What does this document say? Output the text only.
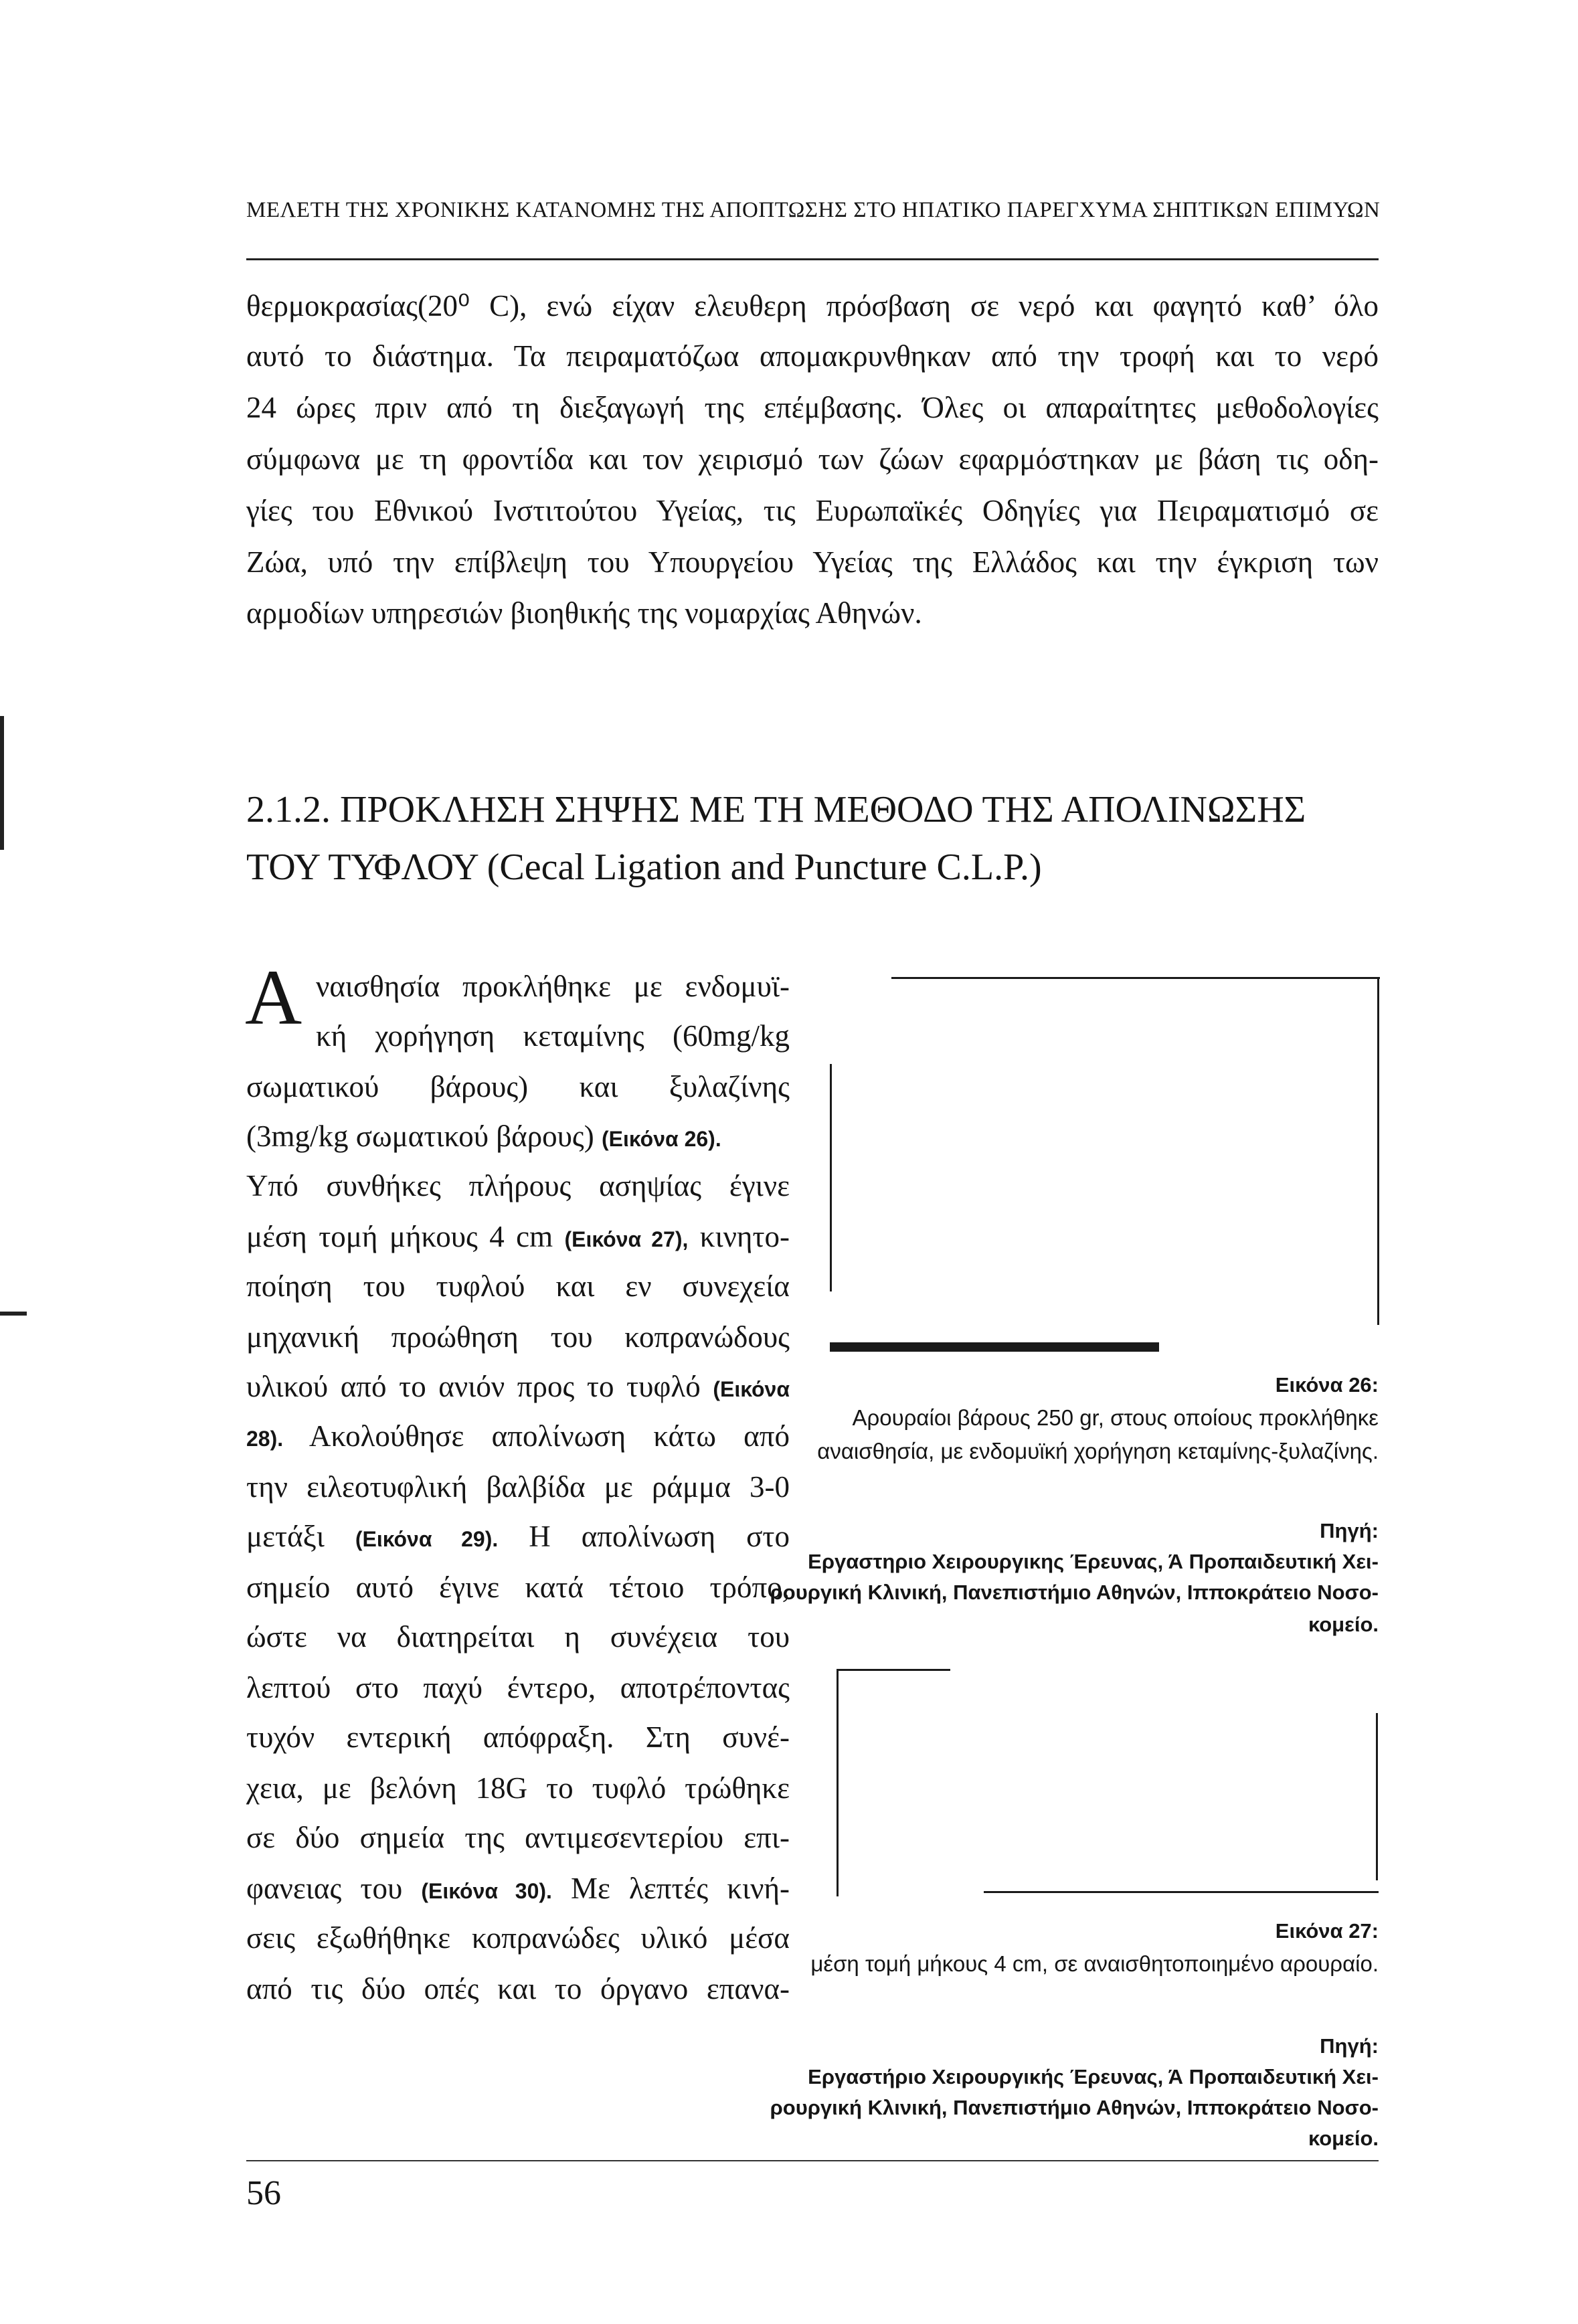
ΜΕΛΕΤΗ ΤΗΣ ΧΡΟΝΙΚΗΣ ΚΑΤΑΝΟΜΗΣ ΤΗΣ ΑΠΟΠΤΩΣΗΣ ΣΤΟ ΗΠΑΤΙΚΟ ΠΑΡΕΓΧΥΜΑ ΣΗΠΤΙΚΩΝ ΕΠΙΜΥΩΝ
θερμοκρασίας(20⁰ C), ενώ είχαν ελευθερη πρόσβαση σε νερό και φαγητό καθ’ όλο
αυτό το διάστημα. Τα πειραματόζωα απομακρυνθηκαν από την τροφή και το νερό
24 ώρες πριν από τη διεξαγωγή της επέμβασης. Όλες οι απαραίτητες μεθοδολογίες
σύμφωνα με τη φροντίδα και τον χειρισμό των ζώων εφαρμόστηκαν με βάση τις οδη-
γίες του Εθνικού Ινστιτούτου Υγείας, τις Ευρωπαϊκές Οδηγίες για Πειραματισμό σε
Ζώα, υπό την επίβλεψη του Υπουργείου Υγείας της Ελλάδος και την έγκριση των
αρμοδίων υπηρεσιών βιοηθικής της νομαρχίας Αθηνών.
2.1.2. ΠΡΟΚΛΗΣΗ ΣΗΨΗΣ ΜΕ ΤΗ ΜΕΘΟΔΟ ΤΗΣ ΑΠΟΛΙΝΩΣΗΣ
ΤΟΥ ΤΥΦΛΟΥ (Cecal Ligation and Puncture C.L.P.)
Α ναισθησία προκλήθηκε με ενδομυϊ-
κή χορήγηση κεταμίνης (60mg/kg
σωματικού βάρους) και ξυλαζίνης
(3mg/kg σωματικού βάρους) (Εικόνα 26).
Υπό συνθήκες πλήρους ασηψίας έγινε
μέση τομή μήκους 4 cm (Εικόνα 27), κινητο-
ποίηση του τυφλού και εν συνεχεία
μηχανική προώθηση του κοπρανώδους
υλικού από το ανιόν προς το τυφλό (Εικόνα
28). Ακολούθησε απολίνωση κάτω από
την ειλεοτυφλική βαλβίδα με ράμμα 3-0
μετάξι (Εικόνα 29). Η απολίνωση στο
σημείο αυτό έγινε κατά τέτοιο τρόπο,
ώστε να διατηρείται η συνέχεια του
λεπτού στο παχύ έντερο, αποτρέποντας
τυχόν εντερική απόφραξη. Στη συνέ-
χεια, με βελόνη 18G το τυφλό τρώθηκε
σε δύο σημεία της αντιμεσεντερίου επι-
φανειας του (Εικόνα 30). Με λεπτές κινή-
σεις εξωθήθηκε κοπρανώδες υλικό μέσα
από τις δύο οπές και το όργανο επανα-
Εικόνα 26:
Αρουραίοι βάρους 250 gr, στους οποίους προκλήθηκε
αναισθησία, με ενδομυϊκή χορήγηση κεταμίνης-ξυλαζίνης.
Πηγή:
Εργαστηριο Χειρουργικης Έρευνας, Ά Προπαιδευτική Χει-
ρουργική Κλινική, Πανεπιστήμιο Αθηνών, Ιπποκράτειο Νοσο-
κομείο.
Εικόνα 27:
μέση τομή μήκους 4 cm, σε αναισθητοποιημένο αρουραίο.
Πηγή:
Εργαστήριο Χειρουργικής Έρευνας, Ά Προπαιδευτική Χει-
ρουργική Κλινική, Πανεπιστήμιο Αθηνών, Ιπποκράτειο Νοσο-
κομείο.
56
